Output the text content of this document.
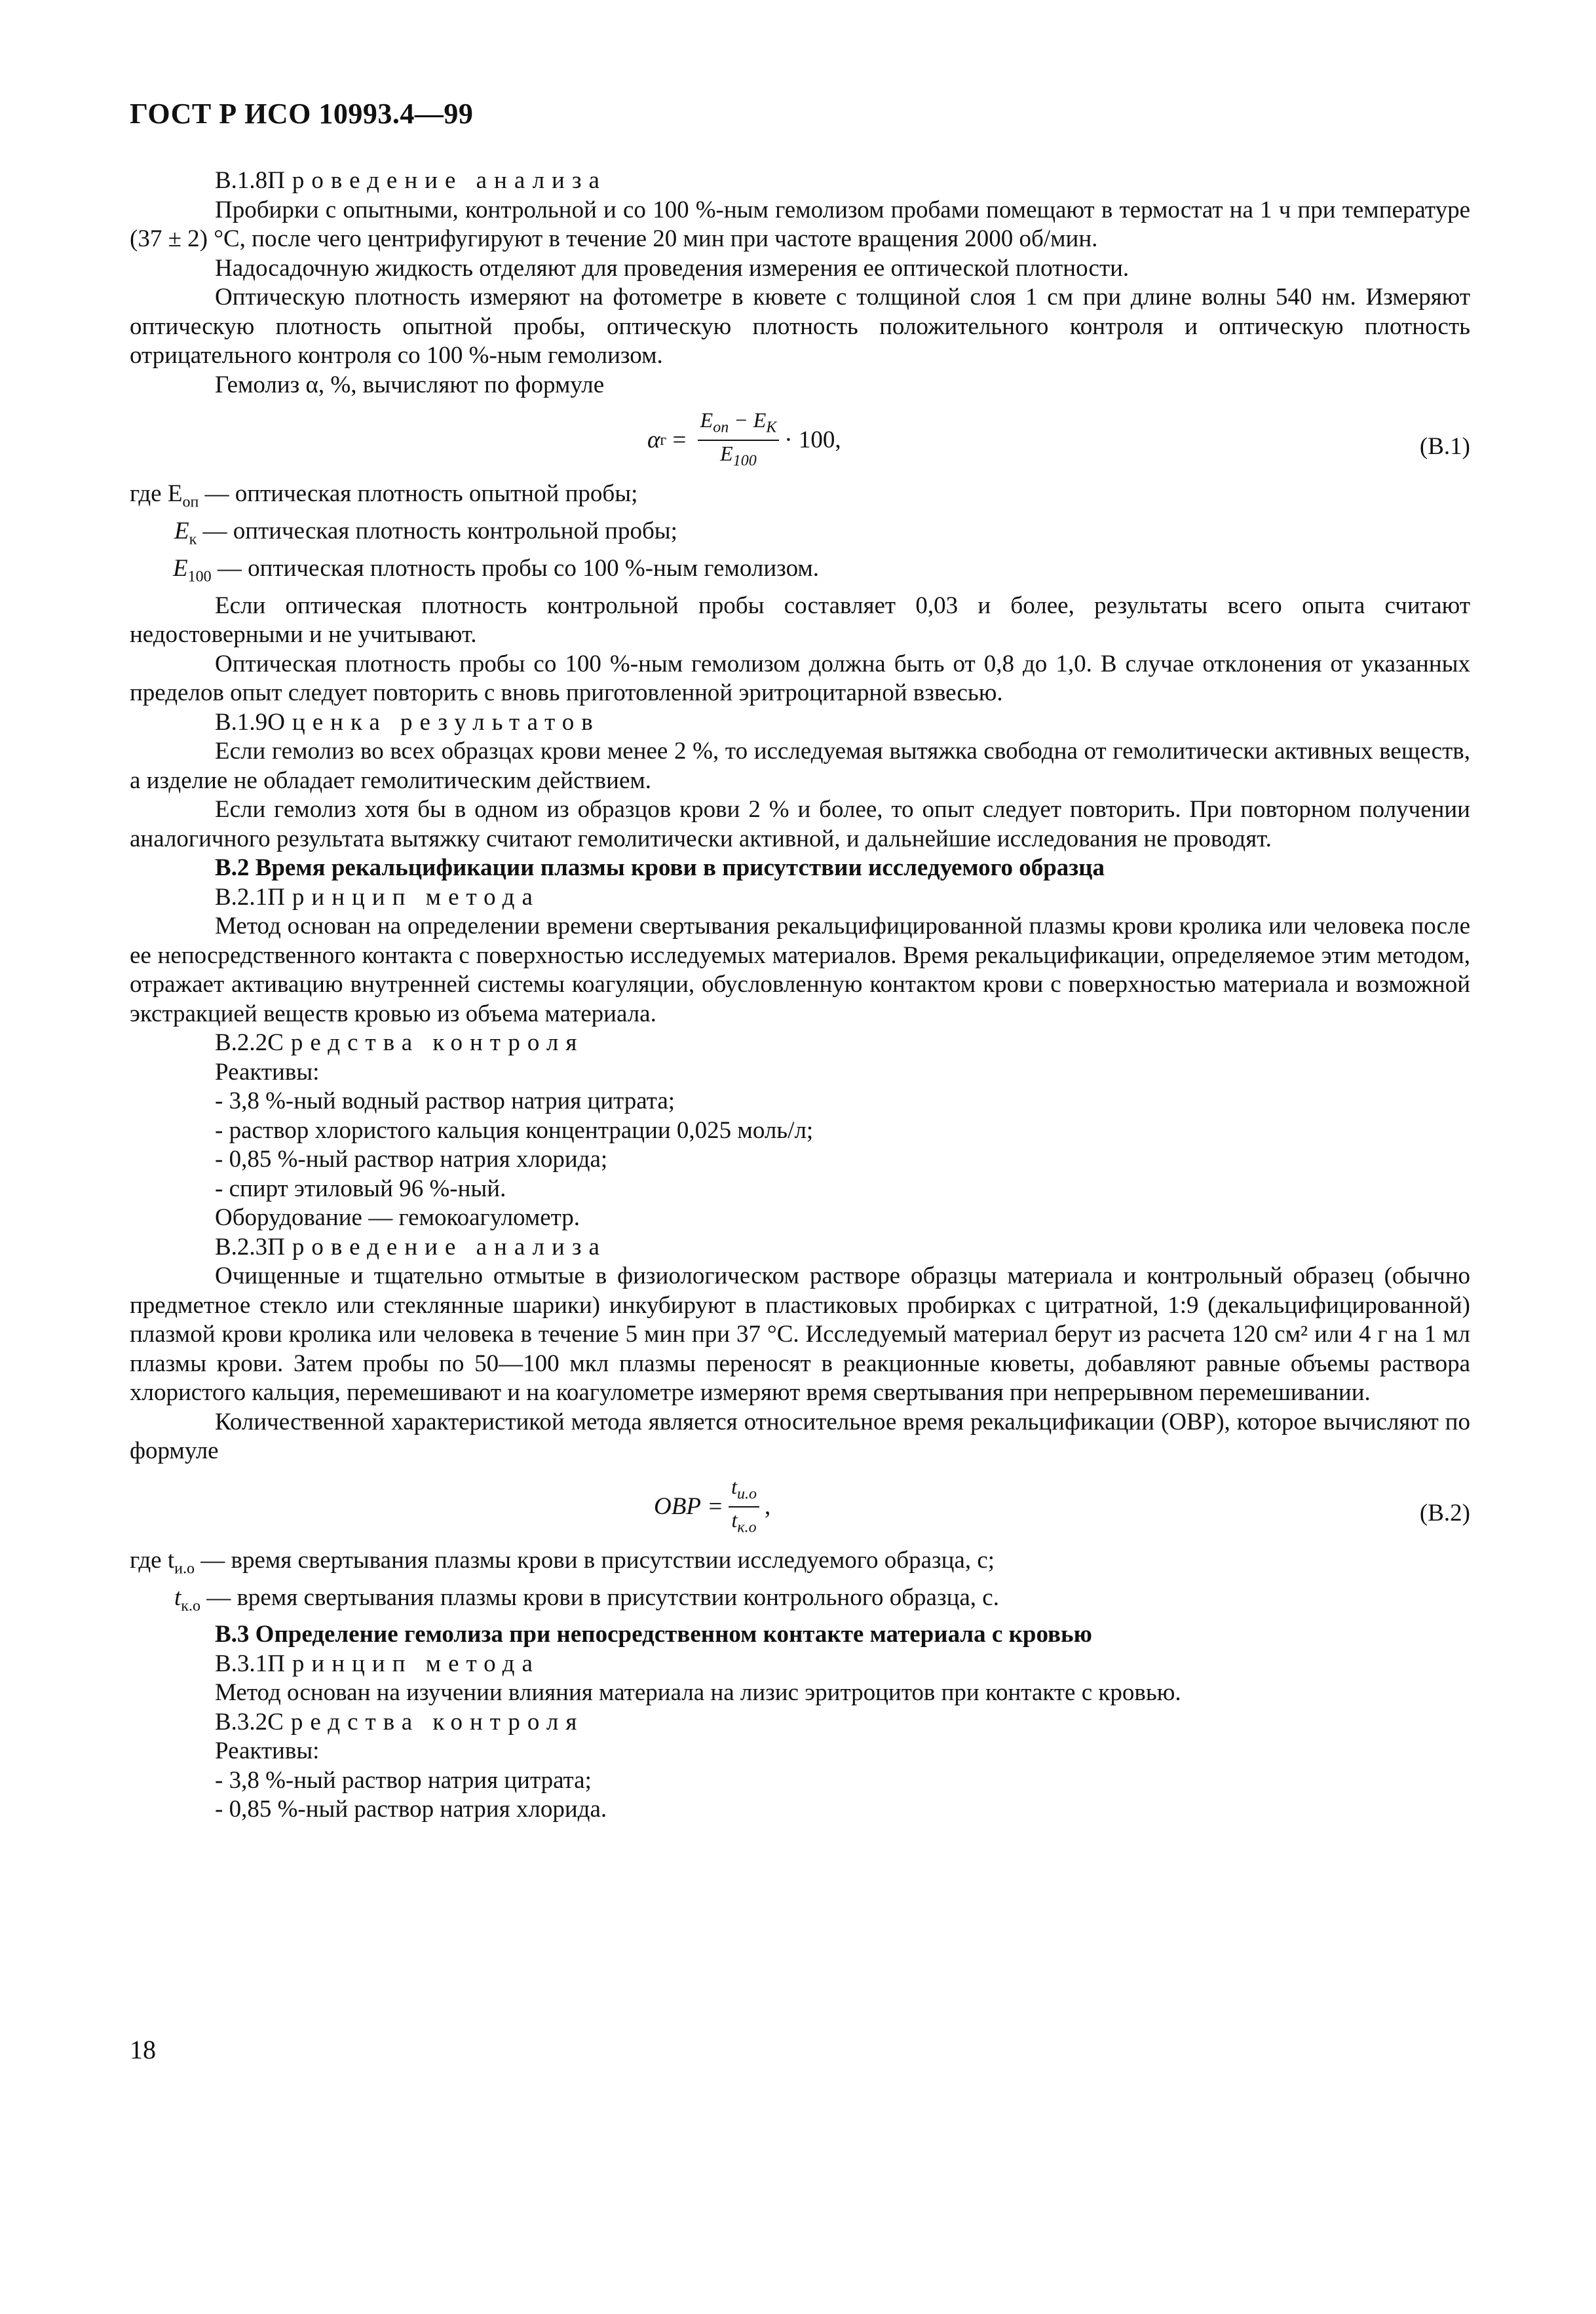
ГОСТ Р ИСО 10993.4—99

В.1.8Проведение анализа

Пробирки с опытными, контрольной и со 100 %-ным гемолизом пробами помещают в термостат на 1 ч при температуре (37 ± 2) °С, после чего центрифугируют в течение 20 мин при частоте вращения 2000 об/мин.

Надосадочную жидкость отделяют для проведения измерения ее оптической плотности.

Оптическую плотность измеряют на фотометре в кювете с толщиной слоя 1 см при длине волны 540 нм. Измеряют оптическую плотность опытной пробы, оптическую плотность положительного контроля и оптическую плотность отрицательного контроля со 100 %-ным гемолизом.

Гемолиз α, %, вычисляют по формуле

α $г = \frac{E_{оп} - E_К}{E_{100}} \cdot 100$,	(В.1)

где $E_{оп}$ — оптическая плотность опытной пробы;

$E_к$ — оптическая плотность контрольной пробы;

$E_{100}$ — оптическая плотность пробы со 100 %-ным гемолизом.

Если оптическая плотность контрольной пробы составляет 0,03 и более, результаты всего опыта считают недостоверными и не учитывают.

Оптическая плотность пробы со 100 %-ным гемолизом должна быть от 0,8 до 1,0. В случае отклонения от указанных пределов опыт следует повторить с вновь приготовленной эритроцитарной взвесью.

В.1.9Оценка результатов

Если гемолиз во всех образцах крови менее 2 %, то исследуемая вытяжка свободна от гемолитически активных веществ, а изделие не обладает гемолитическим действием.

Если гемолиз хотя бы в одном из образцов крови 2 % и более, то опыт следует повторить. При повторном получении аналогичного результата вытяжку считают гемолитически активной, и дальнейшие исследования не проводят.

В.2 Время рекальцификации плазмы крови в присутствии исследуемого образца

В.2.1Принцип метода

Метод основан на определении времени свертывания рекальцифицированной плазмы крови кролика или человека после ее непосредственного контакта с поверхностью исследуемых материалов. Время рекальцификации, определяемое этим методом, отражает активацию внутренней системы коагуляции, обусловленную контактом крови с поверхностью материала и возможной экстракцией веществ кровью из объема материала.

В.2.2Средства контроля

Реактивы:

- 3,8 %-ный водный раствор натрия цитрата;

- раствор хлористого кальция концентрации 0,025 моль/л;

- 0,85 %-ный раствор натрия хлорида;

- спирт этиловый 96 %-ный.

Оборудование — гемокоагулометр.

В.2.3Проведение анализа

Очищенные и тщательно отмытые в физиологическом растворе образцы материала и контрольный образец (обычно предметное стекло или стеклянные шарики) инкубируют в пластиковых пробирках с цитратной, 1:9 (декальцифицированной) плазмой крови кролика или человека в течение 5 мин при 37 °С. Исследуемый материал берут из расчета 120 см² или 4 г на 1 мл плазмы крови. Затем пробы по 50—100 мкл плазмы переносят в реакционные кюветы, добавляют равные объемы раствора хлористого кальция, перемешивают и на коагулометре измеряют время свертывания при непрерывном перемешивании.

Количественной характеристикой метода является относительное время рекальцификации (ОВР), которое вычисляют по формуле

ОВР = $\frac{t_{и.о}}{t_{к.о}}$ ,	(В.2)

где $t_{и.о}$ — время свертывания плазмы крови в присутствии исследуемого образца, с;

$t_{к.о}$ — время свертывания плазмы крови в присутствии контрольного образца, с.

В.3 Определение гемолиза при непосредственном контакте материала с кровью

В.3.1Принцип метода

Метод основан на изучении влияния материала на лизис эритроцитов при контакте с кровью.

В.3.2Средства контроля

Реактивы:

- 3,8 %-ный раствор натрия цитрата;

- 0,85 %-ный раствор натрия хлорида.

18
